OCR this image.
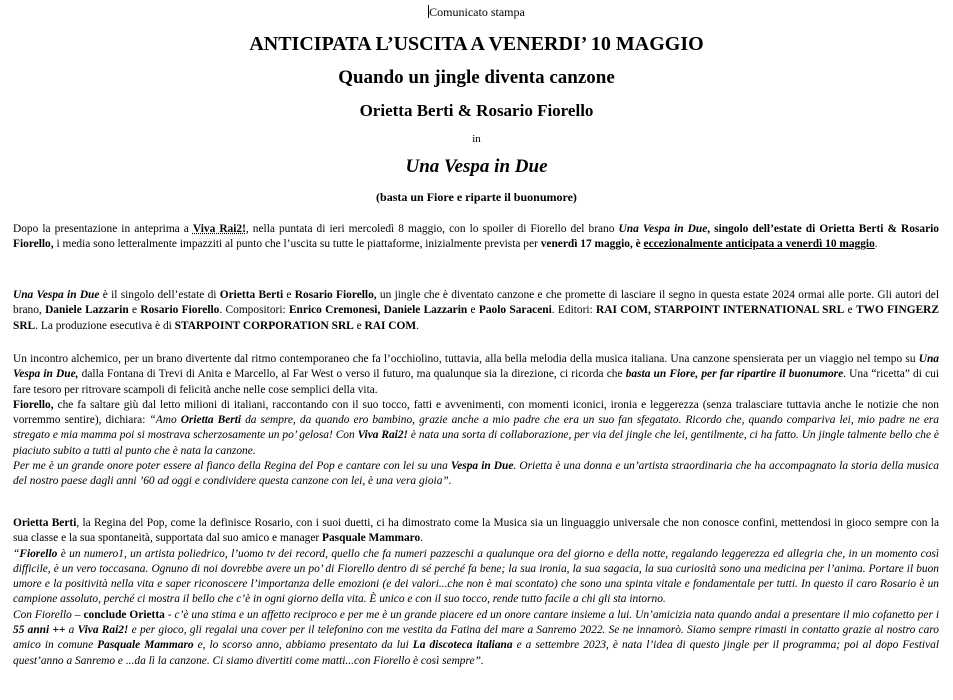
Comunicato stampa
ANTICIPATA L’USCITA A VENERDI’ 10 MAGGIO
Quando un jingle diventa canzone
Orietta Berti & Rosario Fiorello
in
Una Vespa in Due
(basta un Fiore e riparte il buonumore)

Dopo la presentazione in anteprima a Viva Rai2!, nella puntata di ieri mercoledì 8 maggio, con lo spoiler di Fiorello del brano Una Vespa in Due, singolo dell’estate di Orietta Berti & Rosario Fiorello, i media sono letteralmente impazziti al punto che l’uscita su tutte le piattaforme, inizialmente prevista per venerdì 17 maggio, è eccezionalmente anticipata a venerdì 10 maggio.

Una Vespa in Due è il singolo dell’estate di Orietta Berti e Rosario Fiorello, un jingle che è diventato canzone e che promette di lasciare il segno in questa estate 2024 ormai alle porte. Gli autori del brano, Daniele Lazzarin e Rosario Fiorello. Compositori: Enrico Cremonesi, Daniele Lazzarin e Paolo Saraceni. Editori: RAI COM, STARPOINT INTERNATIONAL SRL e TWO FINGERZ SRL. La produzione esecutiva è di STARPOINT CORPORATION SRL e RAI COM.

Un incontro alchemico, per un brano divertente dal ritmo contemporaneo che fa l’occhiolino, tuttavia, alla bella melodia della musica italiana. Una canzone spensierata per un viaggio nel tempo su Una Vespa in Due, dalla Fontana di Trevi di Anita e Marcello, al Far West o verso il futuro, ma qualunque sia la direzione, ci ricorda che basta un Fiore, per far ripartire il buonumore. Una “ricetta” di cui fare tesoro per ritrovare scampoli di felicità anche nelle cose semplici della vita.
Fiorello, che fa saltare giù dal letto milioni di italiani, raccontando con il suo tocco, fatti e avvenimenti, con momenti iconici, ironia e leggerezza (senza tralasciare tuttavia anche le notizie che non vorremmo sentire), dichiara: “Amo Orietta Berti da sempre, da quando ero bambino, grazie anche a mio padre che era un suo fan sfegatato. Ricordo che, quando compariva lei, mio padre ne era stregato e mia mamma poi si mostrava scherzosamente un po’ gelosa! Con Viva Rai2! è nata una sorta di collaborazione, per via del jingle che lei, gentilmente, ci ha fatto. Un jingle talmente bello che è piaciuto subito a tutti al punto che è nata la canzone.
Per me è un grande onore poter essere al fianco della Regina del Pop e cantare con lei su una Vespa in Due. Orietta è una donna e un’artista straordinaria che ha accompagnato la storia della musica del nostro paese dagli anni ’60 ad oggi e condividere questa canzone con lei, è una vera gioia”.
Orietta Berti, la Regina del Pop, come la definisce Rosario, con i suoi duetti, ci ha dimostrato come la Musica sia un linguaggio universale che non conosce confini, mettendosi in gioco sempre con la sua classe e la sua spontaneità, supportata dal suo amico e manager Pasquale Mammaro.
“Fiorello è un numero1, un artista poliedrico, l’uomo tv dei record, quello che fa numeri pazzeschi a qualunque ora del giorno e della notte, regalando leggerezza ed allegria che, in un momento così difficile, è un vero toccasana. Ognuno di noi dovrebbe avere un po’ di Fiorello dentro di sé perché fa bene; la sua ironia, la sua sagacia, la sua curiosità sono una medicina per l’anima. Portare il buon umore e la positività nella vita e saper riconoscere l’importanza delle emozioni (e dei valori...che non è mai scontato) che sono una spinta vitale e fondamentale per tutti. In questo il caro Rosario è un campione assoluto, perché ci mostra il bello che c’è in ogni giorno della vita. È unico e con il suo tocco, rende tutto facile a chi gli sta intorno.
Con Fiorello – conclude Orietta - c’è una stima e un affetto reciproco e per me è un grande piacere ed un onore cantare insieme a lui. Un’amicizia nata quando andai a presentare il mio cofanetto per i 55 anni ++ a Viva Rai2! e per gioco, gli regalai una cover per il telefonino con me vestita da Fatina del mare a Sanremo 2022. Se ne innamorò. Siamo sempre rimasti in contatto grazie al nostro caro amico in comune Pasquale Mammaro e, lo scorso anno, abbiamo presentato da lui La discoteca italiana e a settembre 2023, è nata l’idea di questo jingle per il programma; poi al dopo Festival quest’anno a Sanremo e ...da lì la canzone. Ci siamo divertiti come matti...con Fiorello è così sempre”.
